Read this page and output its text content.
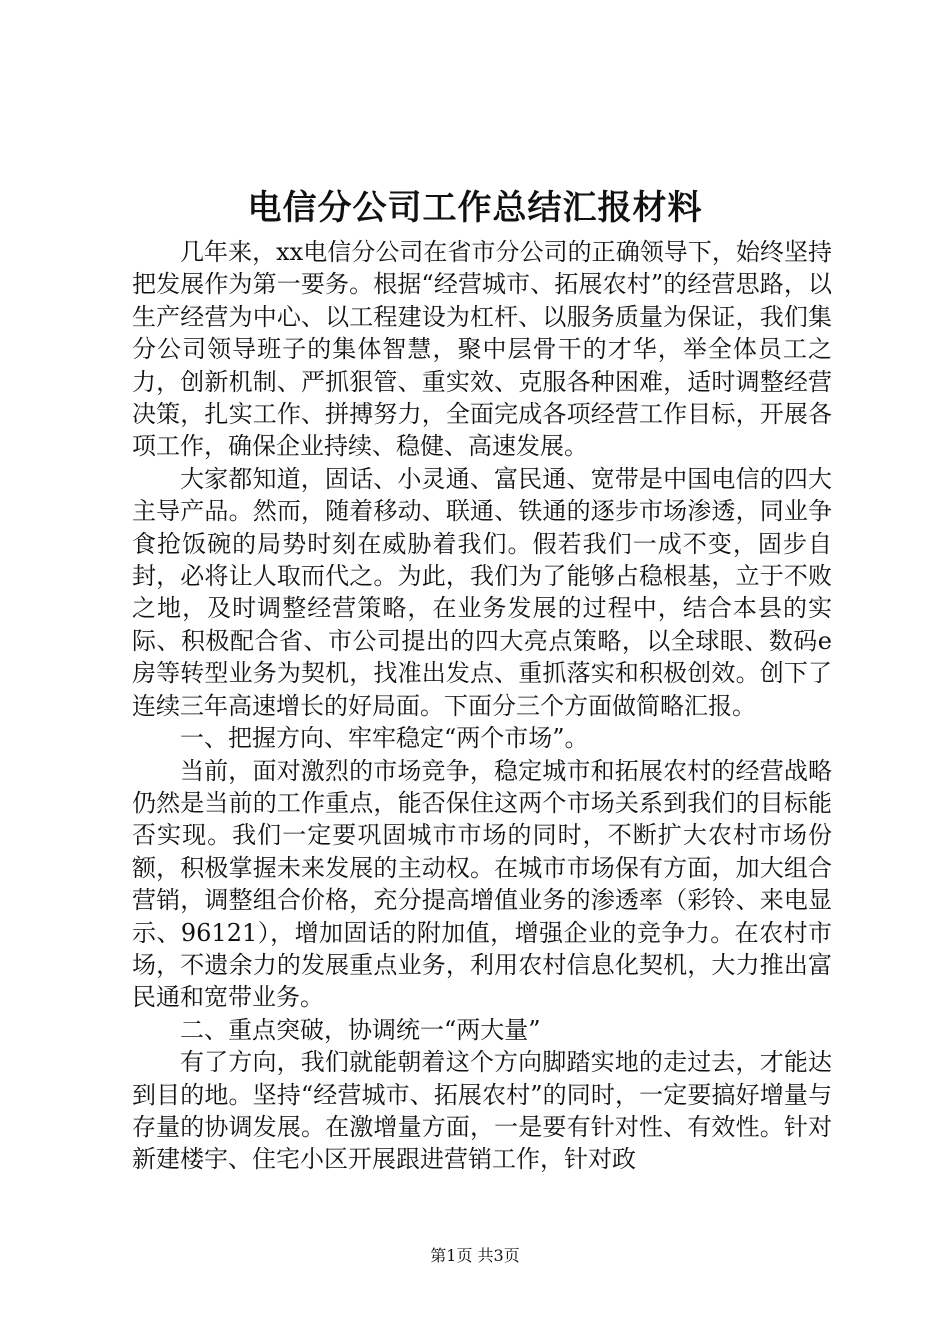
电信分公司工作总结汇报材料

几年来，xx电信分公司在省市分公司的正确领导下，始终坚持把发展作为第一要务。根据“经营城市、拓展农村”的经营思路，以生产经营为中心、以工程建设为杠杆、以服务质量为保证，我们集分公司领导班子的集体智慧，聚中层骨干的才华，举全体员工之力，创新机制、严抓狠管、重实效、克服各种困难，适时调整经营决策，扎实工作、拼搏努力，全面完成各项经营工作目标，开展各项工作，确保企业持续、稳健、高速发展。

大家都知道，固话、小灵通、富民通、宽带是中国电信的四大主导产品。然而，随着移动、联通、铁通的逐步市场渗透，同业争食抢饭碗的局势时刻在威胁着我们。假若我们一成不变，固步自封，必将让人取而代之。为此，我们为了能够占稳根基，立于不败之地，及时调整经营策略，在业务发展的过程中，结合本县的实际、积极配合省、市公司提出的四大亮点策略，以全球眼、数码e房等转型业务为契机，找准出发点、重抓落实和积极创效。创下了连续三年高速增长的好局面。下面分三个方面做简略汇报。

一、把握方向、牢牢稳定“两个市场”。

当前，面对激烈的市场竞争，稳定城市和拓展农村的经营战略仍然是当前的工作重点，能否保住这两个市场关系到我们的目标能否实现。我们一定要巩固城市市场的同时，不断扩大农村市场份额，积极掌握未来发展的主动权。在城市市场保有方面，加大组合营销，调整组合价格，充分提高增值业务的渗透率（彩铃、来电显示、96121），增加固话的附加值，增强企业的竞争力。在农村市场，不遗余力的发展重点业务，利用农村信息化契机，大力推出富民通和宽带业务。

二、重点突破，协调统一“两大量”

有了方向，我们就能朝着这个方向脚踏实地的走过去，才能达到目的地。坚持“经营城市、拓展农村”的同时，一定要搞好增量与存量的协调发展。在激增量方面，一是要有针对性、有效性。针对新建楼宇、住宅小区开展跟进营销工作，针对政

第1页 共3页
